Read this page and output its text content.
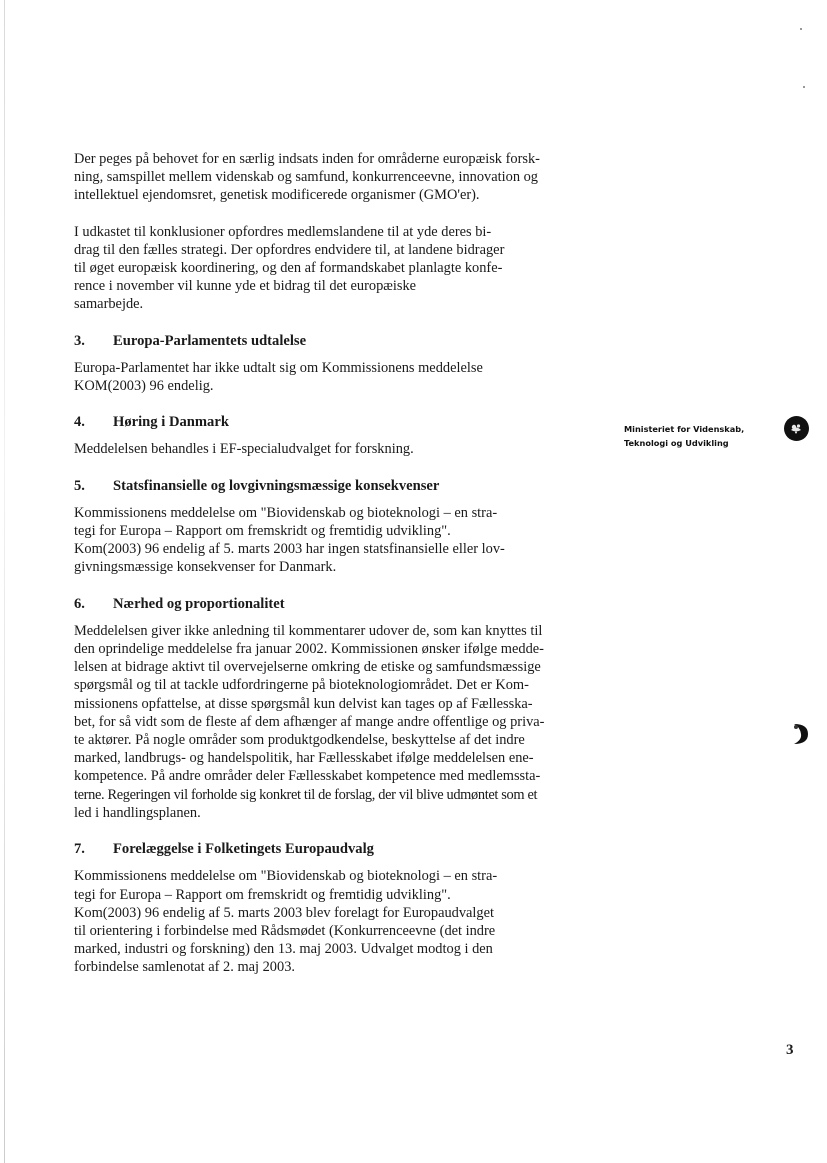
Der peges på behovet for en særlig indsats inden for områderne europæisk forsk-
ning, samspillet mellem videnskab og samfund, konkurrenceevne, innovation og
intellektuel ejendomsret, genetisk modificerede organismer (GMO'er).

I udkastet til konklusioner opfordres medlemslandene til at yde deres bi-
drag til den fælles strategi. Der opfordres endvidere til, at landene bidrager
til øget europæisk koordinering, og den af formandskabet planlagte konfe-
rence i november vil kunne yde et bidrag til det europæiske
samarbejde.

3. Europa-Parlamentets udtalelse

Europa-Parlamentet har ikke udtalt sig om Kommissionens meddelelse
KOM(2003) 96 endelig.

4. Høring i Danmark

Meddelelsen behandles i EF-specialudvalget for forskning.

5. Statsfinansielle og lovgivningsmæssige konsekvenser

Kommissionens meddelelse om "Biovidenskab og bioteknologi – en stra-
tegi for Europa – Rapport om fremskridt og fremtidig udvikling".
Kom(2003) 96 endelig af 5. marts 2003 har ingen statsfinansielle eller lov-
givningsmæssige konsekvenser for Danmark.

6. Nærhed og proportionalitet

Meddelelsen giver ikke anledning til kommentarer udover de, som kan knyttes til
den oprindelige meddelelse fra januar 2002. Kommissionen ønsker ifølge medde-
lelsen at bidrage aktivt til overvejelserne omkring de etiske og samfundsmæssige
spørgsmål og til at tackle udfordringerne på bioteknologiområdet. Det er Kom-
missionens opfattelse, at disse spørgsmål kun delvist kan tages op af Fællesska-
bet, for så vidt som de fleste af dem afhænger af mange andre offentlige og priva-
te aktører. På nogle områder som produktgodkendelse, beskyttelse af det indre
marked, landbrugs- og handelspolitik, har Fællesskabet ifølge meddelelsen ene-
kompetence. På andre områder deler Fællesskabet kompetence med medlemssta-
terne. Regeringen vil forholde sig konkret til de forslag, der vil blive udmøntet som et
led i handlingsplanen.

7. Forelæggelse i Folketingets Europaudvalg

Kommissionens meddelelse om "Biovidenskab og bioteknologi – en stra-
tegi for Europa – Rapport om fremskridt og fremtidig udvikling".
Kom(2003) 96 endelig af 5. marts 2003 blev forelagt for Europaudvalget
til orientering i forbindelse med Rådsmødet (Konkurrenceevne (det indre
marked, industri og forskning) den 13. maj 2003. Udvalget modtog i den
forbindelse samlenotat af 2. maj 2003.

Ministeriet for Videnskab,
Teknologi og Udvikling
3
